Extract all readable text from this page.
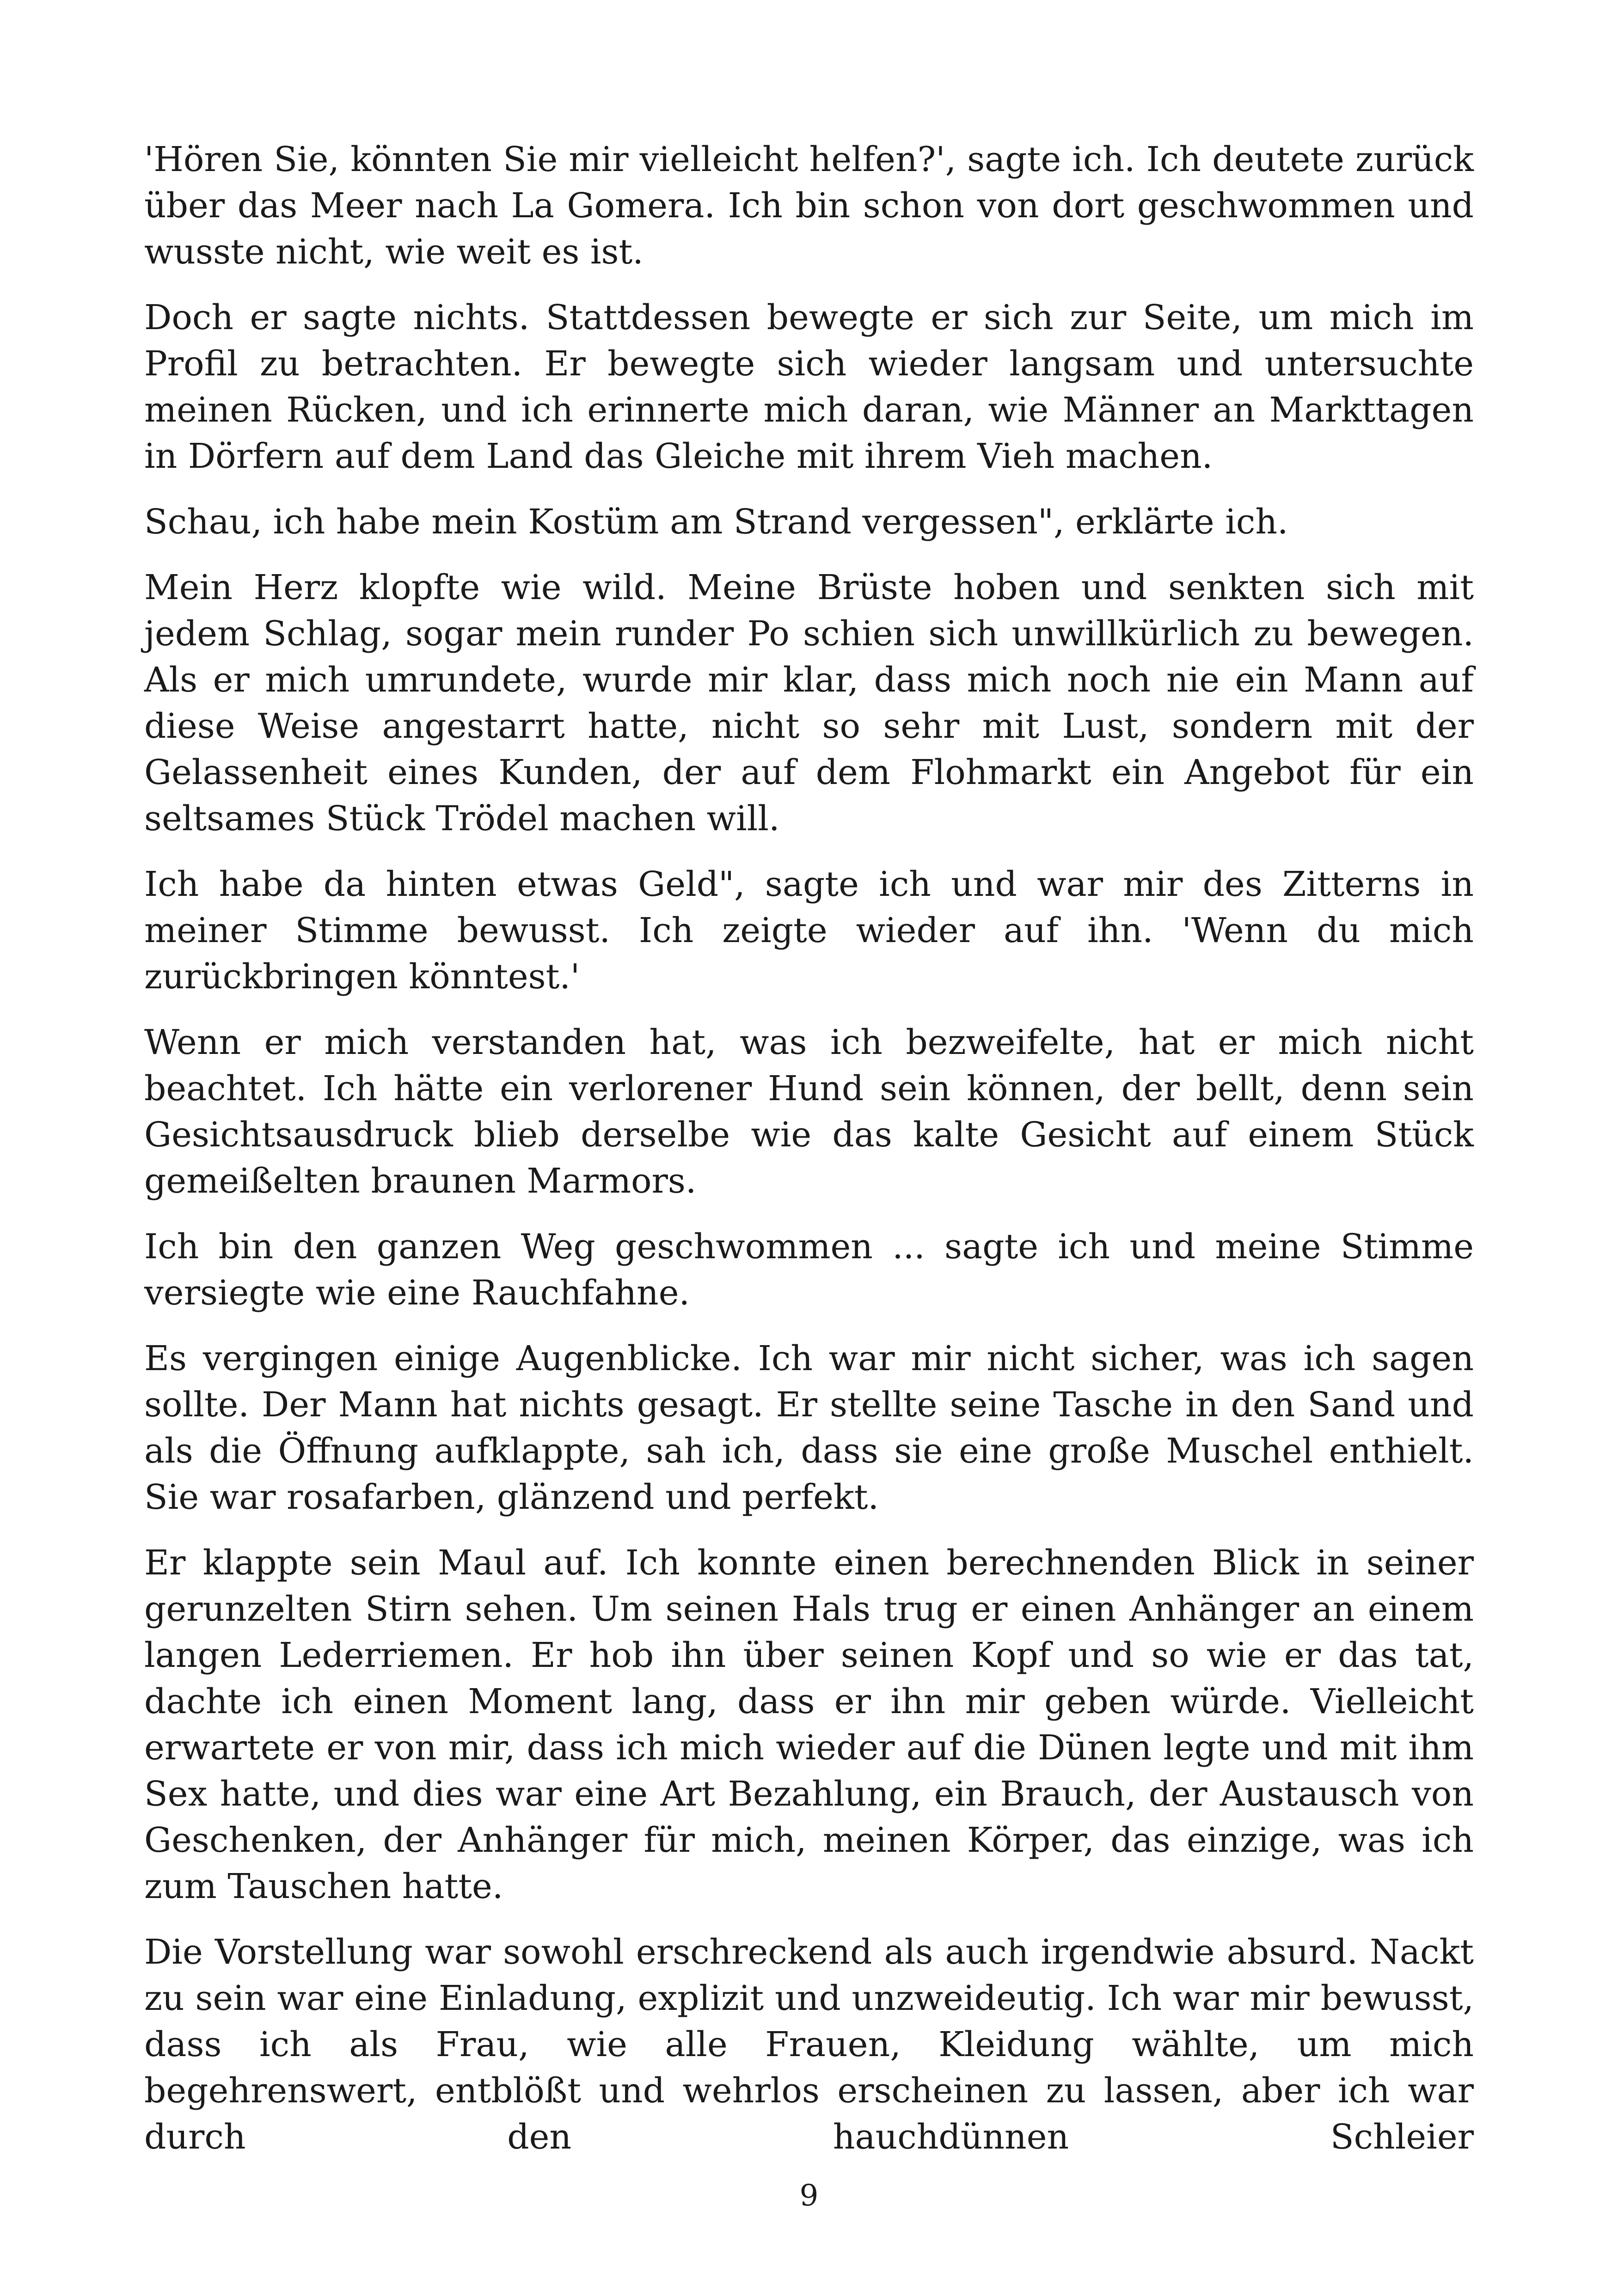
'Hören Sie, könnten Sie mir vielleicht helfen?', sagte ich. Ich deutete zurück über das Meer nach La Gomera. Ich bin schon von dort geschwommen und wusste nicht, wie weit es ist.

Doch er sagte nichts. Stattdessen bewegte er sich zur Seite, um mich im Profil zu betrachten. Er bewegte sich wieder langsam und untersuchte meinen Rücken, und ich erinnerte mich daran, wie Männer an Markttagen in Dörfern auf dem Land das Gleiche mit ihrem Vieh machen.

Schau, ich habe mein Kostüm am Strand vergessen", erklärte ich.

Mein Herz klopfte wie wild. Meine Brüste hoben und senkten sich mit jedem Schlag, sogar mein runder Po schien sich unwillkürlich zu bewegen. Als er mich umrundete, wurde mir klar, dass mich noch nie ein Mann auf diese Weise angestarrt hatte, nicht so sehr mit Lust, sondern mit der Gelassenheit eines Kunden, der auf dem Flohmarkt ein Angebot für ein seltsames Stück Trödel machen will.

Ich habe da hinten etwas Geld", sagte ich und war mir des Zitterns in meiner Stimme bewusst. Ich zeigte wieder auf ihn. 'Wenn du mich zurückbringen könntest.'

Wenn er mich verstanden hat, was ich bezweifelte, hat er mich nicht beachtet. Ich hätte ein verlorener Hund sein können, der bellt, denn sein Gesichtsausdruck blieb derselbe wie das kalte Gesicht auf einem Stück gemeißelten braunen Marmors.

Ich bin den ganzen Weg geschwommen ... sagte ich und meine Stimme versiegte wie eine Rauchfahne.

Es vergingen einige Augenblicke. Ich war mir nicht sicher, was ich sagen sollte. Der Mann hat nichts gesagt. Er stellte seine Tasche in den Sand und als die Öffnung aufklappte, sah ich, dass sie eine große Muschel enthielt. Sie war rosafarben, glänzend und perfekt.

Er klappte sein Maul auf. Ich konnte einen berechnenden Blick in seiner gerunzelten Stirn sehen. Um seinen Hals trug er einen Anhänger an einem langen Lederriemen. Er hob ihn über seinen Kopf und so wie er das tat, dachte ich einen Moment lang, dass er ihn mir geben würde. Vielleicht erwartete er von mir, dass ich mich wieder auf die Dünen legte und mit ihm Sex hatte, und dies war eine Art Bezahlung, ein Brauch, der Austausch von Geschenken, der Anhänger für mich, meinen Körper, das einzige, was ich zum Tauschen hatte.

Die Vorstellung war sowohl erschreckend als auch irgendwie absurd. Nackt zu sein war eine Einladung, explizit und unzweideutig. Ich war mir bewusst, dass ich als Frau, wie alle Frauen, Kleidung wählte, um mich begehrenswert, entblößt und wehrlos erscheinen zu lassen, aber ich war durch den hauchdünnen Schleier

9
